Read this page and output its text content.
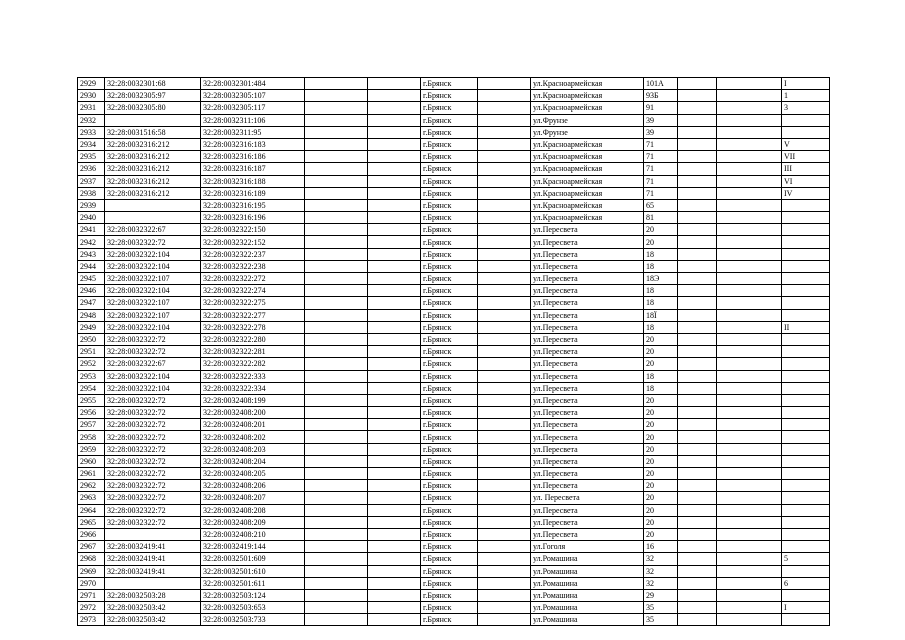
2929	32:28:0032301:68	32:28:0032301:484			г.Брянск		ул.Красноармейская	101А			I
2930	32:28:0032305:97	32:28:0032305:107			г.Брянск		ул.Красноармейская	93Б			1
2931	32:28:0032305:80	32:28:0032305:117			г.Брянск		ул.Красноармейская	91			3
2932		32:28:0032311:106			г.Брянск		ул.Фрунзе	39			
2933	32:28:0031516:58	32:28:0032311:95			г.Брянск		ул.Фрунзе	39			
2934	32:28:0032316:212	32:28:0032316:183			г.Брянск		ул.Красноармейская	71			V
2935	32:28:0032316:212	32:28:0032316:186			г.Брянск		ул.Красноармейская	71			VII
2936	32:28:0032316:212	32:28:0032316:187			г.Брянск		ул.Красноармейская	71			III
2937	32:28:0032316:212	32:28:0032316:188			г.Брянск		ул.Красноармейская	71			VI
2938	32:28:0032316:212	32:28:0032316:189			г.Брянск		ул.Красноармейская	71			IV
2939		32:28:0032316:195			г.Брянск		ул.Красноармейская	65			
2940		32:28:0032316:196			г.Брянск		ул.Красноармейская	81			
2941	32:28:0032322:67	32:28:0032322:150			г.Брянск		ул.Пересвета	20			
2942	32:28:0032322:72	32:28:0032322:152			г.Брянск		ул.Пересвета	20			
2943	32:28:0032322:104	32:28:0032322:237			г.Брянск		ул.Пересвета	18			
2944	32:28:0032322:104	32:28:0032322:238			г.Брянск		ул.Пересвета	18			
2945	32:28:0032322:107	32:28:0032322:272			г.Брянск		ул.Пересвета	18Э			
2946	32:28:0032322:104	32:28:0032322:274			г.Брянск		ул.Пересвета	18			
2947	32:28:0032322:107	32:28:0032322:275			г.Брянск		ул.Пересвета	18			
2948	32:28:0032322:107	32:28:0032322:277			г.Брянск		ул.Пересвета	18Ї			
2949	32:28:0032322:104	32:28:0032322:278			г.Брянск		ул.Пересвета	18			II
2950	32:28:0032322:72	32:28:0032322:280			г.Брянск		ул.Пересвета	20			
2951	32:28:0032322:72	32:28:0032322:281			г.Брянск		ул.Пересвета	20			
2952	32:28:0032322:67	32:28:0032322:282			г.Брянск		ул.Пересвета	20			
2953	32:28:0032322:104	32:28:0032322:333			г.Брянск		ул.Пересвета	18			
2954	32:28:0032322:104	32:28:0032322:334			г.Брянск		ул.Пересвета	18			
2955	32:28:0032322:72	32:28:0032408:199			г.Брянск		ул.Пересвета	20			
2956	32:28:0032322:72	32:28:0032408:200			г.Брянск		ул.Пересвета	20			
2957	32:28:0032322:72	32:28:0032408:201			г.Брянск		ул.Пересвета	20			
2958	32:28:0032322:72	32:28:0032408:202			г.Брянск		ул.Пересвета	20			
2959	32:28:0032322:72	32:28:0032408:203			г.Брянск		ул.Пересвета	20			
2960	32:28:0032322:72	32:28:0032408:204			г.Брянск		ул.Пересвета	20			
2961	32:28:0032322:72	32:28:0032408:205			г.Брянск		ул.Пересвета	20			
2962	32:28:0032322:72	32:28:0032408:206			г.Брянск		ул.Пересвета	20			
2963	32:28:0032322:72	32:28:0032408:207			г.Брянск		ул. Пересвета	20			
2964	32:28:0032322:72	32:28:0032408:208			г.Брянск		ул.Пересвета	20			
2965	32:28:0032322:72	32:28:0032408:209			г.Брянск		ул.Пересвета	20			
2966		32:28:0032408:210			г.Брянск		ул.Пересвета	20			
2967	32:28:0032419:41	32:28:0032419:144			г.Брянск		ул.Гоголя	16			
2968	32:28:0032419:41	32:28:0032501:609			г.Брянск		ул.Ромашина	32			5
2969	32:28:0032419:41	32:28:0032501:610			г.Брянск		ул.Ромашина	32			
2970		32:28:0032501:611			г.Брянск		ул.Ромашина	32			6
2971	32:28:0032503:28	32:28:0032503:124			г.Брянск		ул.Ромашина	29			
2972	32:28:0032503:42	32:28:0032503:653			г.Брянск		ул.Ромашина	35			I
2973	32:28:0032503:42	32:28:0032503:733			г.Брянск		ул.Ромашина	35			
